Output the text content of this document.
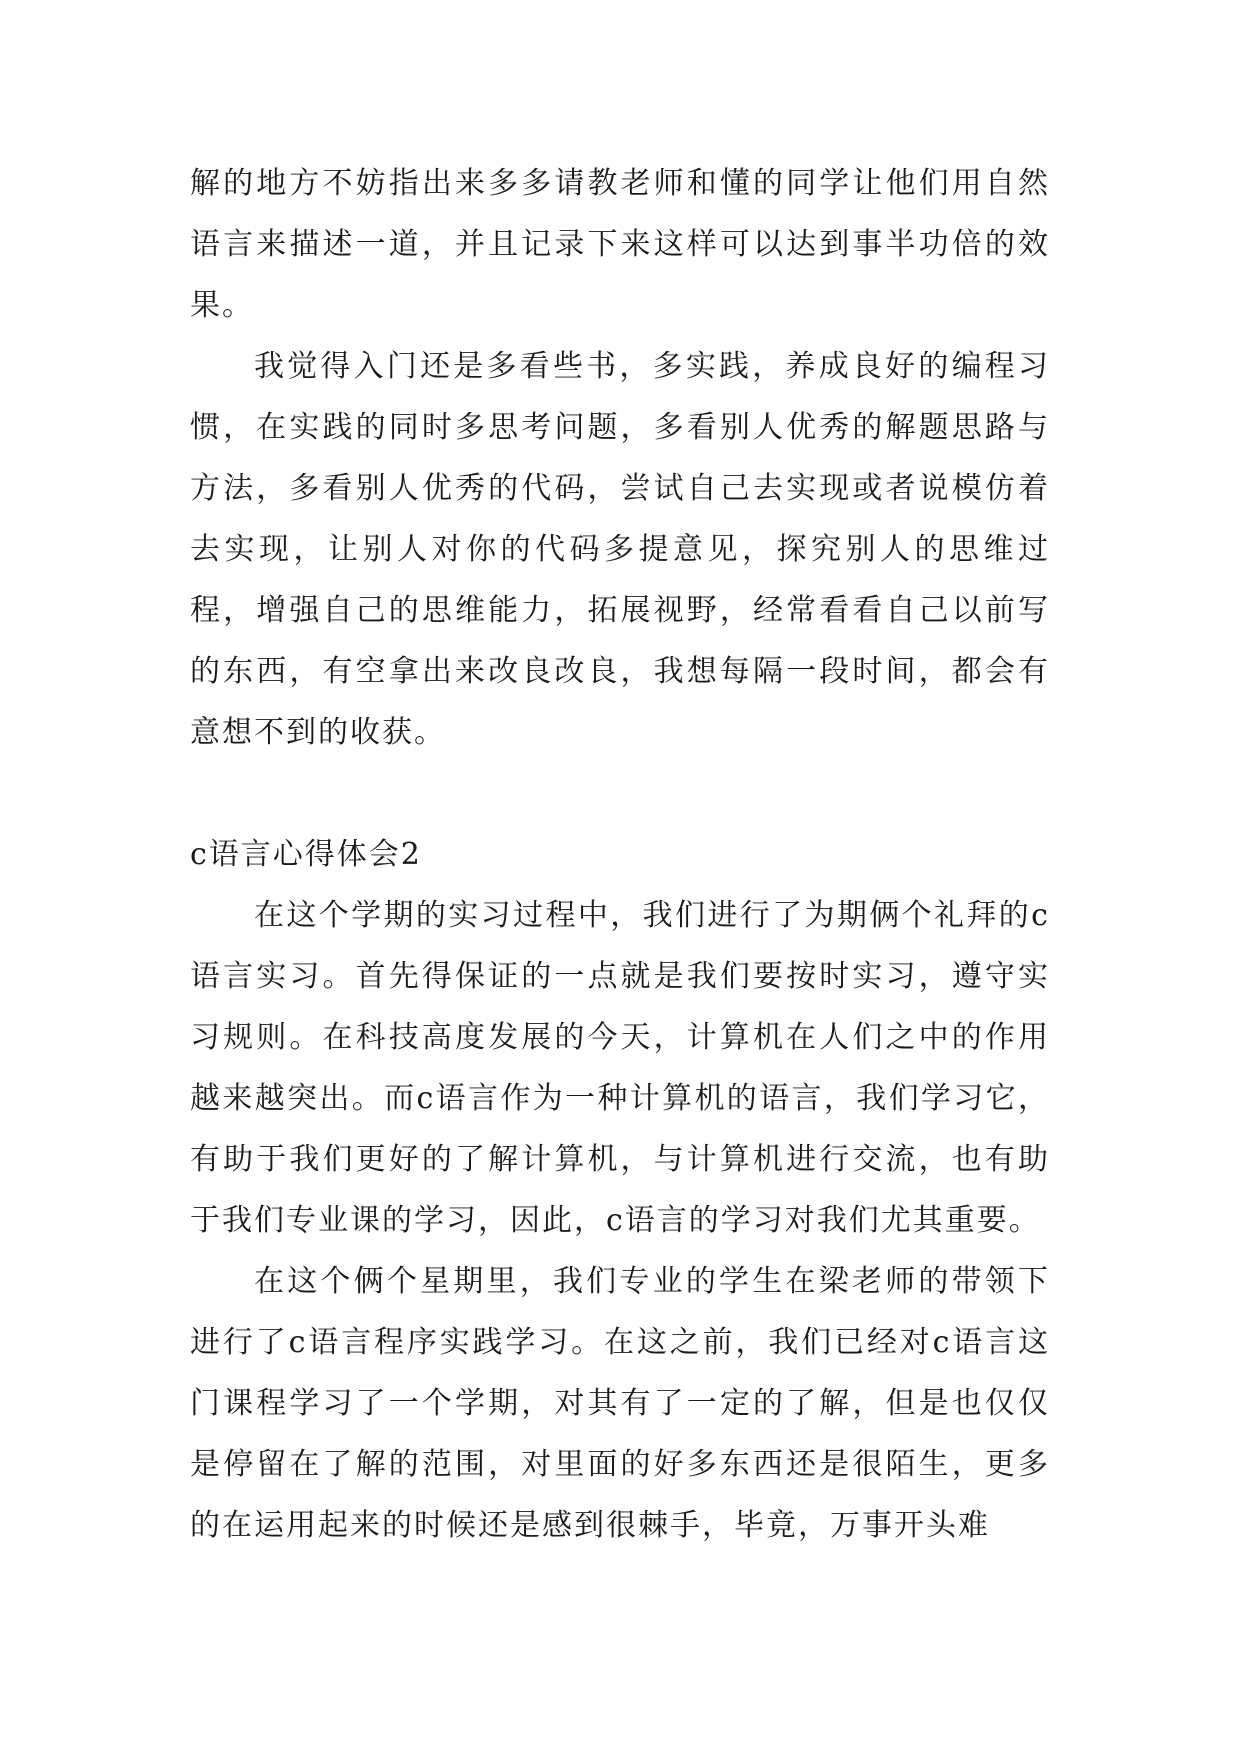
解的地方不妨指出来多多请教老师和懂的同学让他们用自然语言来描述一道，并且记录下来这样可以达到事半功倍的效果。

我觉得入门还是多看些书，多实践，养成良好的编程习惯，在实践的同时多思考问题，多看别人优秀的解题思路与方法，多看别人优秀的代码，尝试自己去实现或者说模仿着去实现，让别人对你的代码多提意见，探究别人的思维过程，增强自己的思维能力，拓展视野，经常看看自己以前写的东西，有空拿出来改良改良，我想每隔一段时间，都会有意想不到的收获。

c语言心得体会2

在这个学期的实习过程中，我们进行了为期俩个礼拜的c语言实习。首先得保证的一点就是我们要按时实习，遵守实习规则。在科技高度发展的今天，计算机在人们之中的作用越来越突出。而c语言作为一种计算机的语言，我们学习它，有助于我们更好的了解计算机，与计算机进行交流，也有助于我们专业课的学习，因此，c语言的学习对我们尤其重要。

在这个俩个星期里，我们专业的学生在梁老师的带领下进行了c语言程序实践学习。在这之前，我们已经对c语言这门课程学习了一个学期，对其有了一定的了解，但是也仅仅是停留在了解的范围，对里面的好多东西还是很陌生，更多的在运用起来的时候还是感到很棘手，毕竟，万事开头难
